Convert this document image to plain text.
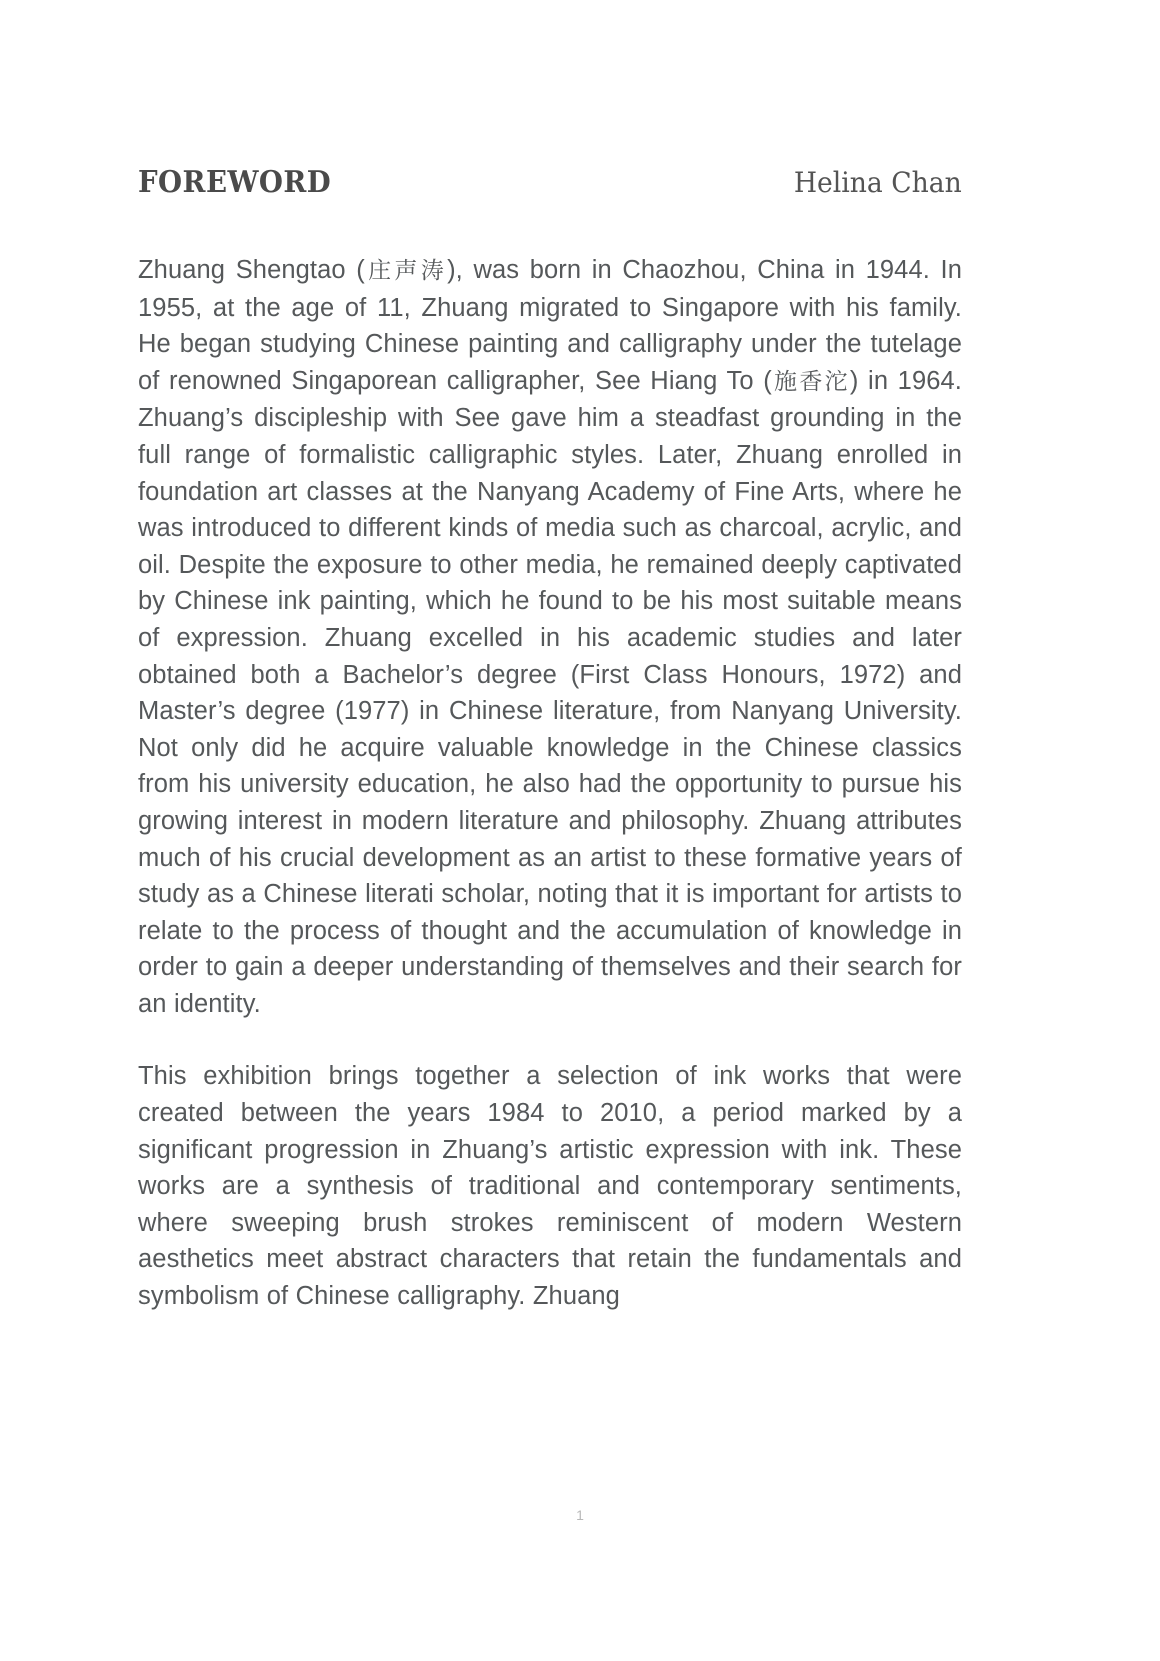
FOREWORD	Helina Chan

Zhuang Shengtao (庄声涛), was born in Chaozhou, China in 1944. In 1955, at the age of 11, Zhuang migrated to Singapore with his family. He began studying Chinese painting and calligraphy under the tutelage of renowned Singaporean calligrapher, See Hiang To (施香沱) in 1964. Zhuang’s discipleship with See gave him a steadfast grounding in the full range of formalistic calligraphic styles. Later, Zhuang enrolled in foundation art classes at the Nanyang Academy of Fine Arts, where he was introduced to different kinds of media such as charcoal, acrylic, and oil. Despite the exposure to other media, he remained deeply captivated by Chinese ink painting, which he found to be his most suitable means of expression. Zhuang excelled in his academic studies and later obtained both a Bachelor’s degree (First Class Honours, 1972) and Master’s degree (1977) in Chinese literature, from Nanyang University. Not only did he acquire valuable knowledge in the Chinese classics from his university education, he also had the opportunity to pursue his growing interest in modern literature and philosophy. Zhuang attributes much of his crucial development as an artist to these formative years of study as a Chinese literati scholar, noting that it is important for artists to relate to the process of thought and the accumulation of knowledge in order to gain a deeper understanding of themselves and their search for an identity.

This exhibition brings together a selection of ink works that were created between the years 1984 to 2010, a period marked by a significant progression in Zhuang’s artistic expression with ink. These works are a synthesis of traditional and contemporary sentiments, where sweeping brush strokes reminiscent of modern Western aesthetics meet abstract characters that retain the fundamentals and symbolism of Chinese calligraphy. Zhuang

1
